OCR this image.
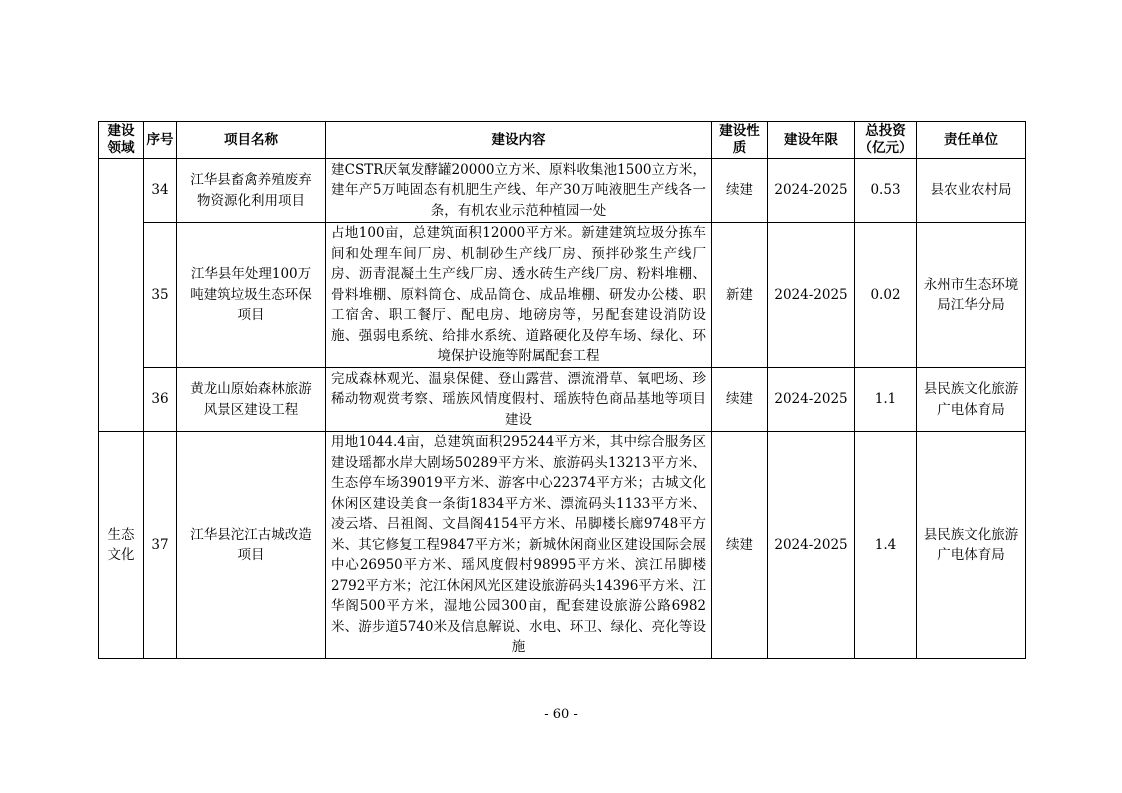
建设领域	序号	项目名称	建设内容	建设性质	建设年限	总投资（亿元）	责任单位
	34	江华县畜禽养殖废弃物资源化利用项目	建CSTR厌氧发酵罐20000立方米、原料收集池1500立方米，建年产5万吨固态有机肥生产线、年产30万吨液肥生产线各一条，有机农业示范种植园一处	续建	2024-2025	0.53	县农业农村局
	35	江华县年处理100万吨建筑垃圾生态环保项目	占地100亩，总建筑面积12000平方米。新建建筑垃圾分拣车间和处理车间厂房、机制砂生产线厂房、预拌砂浆生产线厂房、沥青混凝土生产线厂房、透水砖生产线厂房、粉料堆棚、骨料堆棚、原料筒仓、成品筒仓、成品堆棚、研发办公楼、职工宿舍、职工餐厅、配电房、地磅房等，另配套建设消防设施、强弱电系统、给排水系统、道路硬化及停车场、绿化、环境保护设施等附属配套工程	新建	2024-2025	0.02	永州市生态环境局江华分局
	36	黄龙山原始森林旅游风景区建设工程	完成森林观光、温泉保健、登山露营、漂流滑草、氧吧场、珍稀动物观赏考察、瑶族风情度假村、瑶族特色商品基地等项目建设	续建	2024-2025	1.1	县民族文化旅游广电体育局
生态文化	37	江华县沱江古城改造项目	用地1044.4亩，总建筑面积295244平方米，其中综合服务区建设瑶都水岸大剧场50289平方米、旅游码头13213平方米、生态停车场39019平方米、游客中心22374平方米；古城文化休闲区建设美食一条街1834平方米、漂流码头1133平方米、凌云塔、吕祖阁、文昌阁4154平方米、吊脚楼长廊9748平方米、其它修复工程9847平方米；新城休闲商业区建设国际会展中心26950平方米、瑶风度假村98995平方米、滨江吊脚楼2792平方米；沱江休闲风光区建设旅游码头14396平方米、江华阁500平方米，湿地公园300亩，配套建设旅游公路6982米、游步道5740米及信息解说、水电、环卫、绿化、亮化等设施	续建	2024-2025	1.4	县民族文化旅游广电体育局
- 60 -
